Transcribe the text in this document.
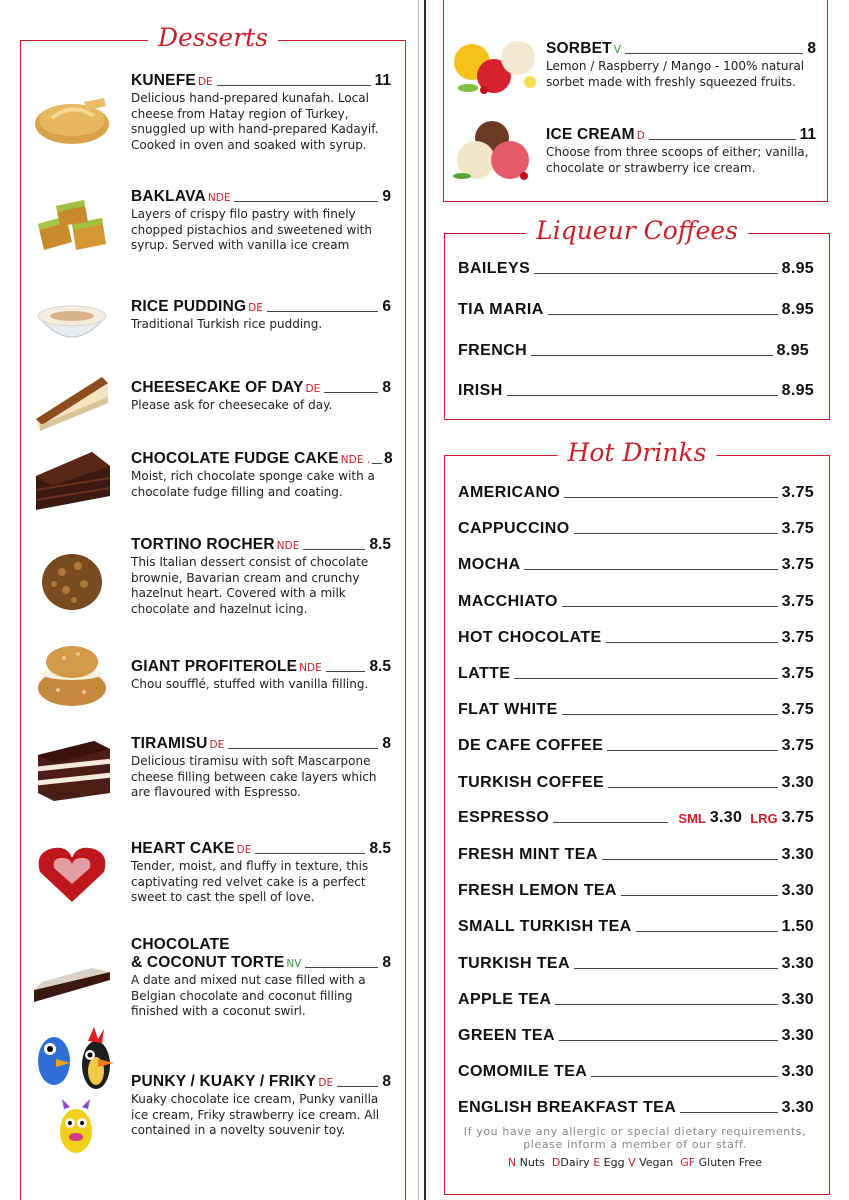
Desserts
KUNEFE DE	11
Delicious hand-prepared kunafah. Local cheese from Hatay region of Turkey, snuggled up with hand-prepared Kadayif. Cooked in oven and soaked with syrup.
BAKLAVA NDE	9
Layers of crispy filo pastry with finely chopped pistachios and sweetened with syrup. Served with vanilla ice cream
RICE PUDDING DE	6
Traditional Turkish rice pudding.
CHEESECAKE OF DAY DE	8
Please ask for cheesecake of day.
CHOCOLATE FUDGE CAKE NDE . 8
Moist, rich chocolate sponge cake with a chocolate fudge filling and coating.
TORTINO ROCHER NDE	8.5
This Italian dessert consist of chocolate brownie, Bavarian cream and crunchy hazelnut heart. Covered with a milk chocolate and hazelnut icing.
GIANT PROFITEROLE NDE	8.5
Chou soufflé, stuffed with vanilla filling.
TIRAMISU DE	8
Delicious tiramisu with soft Mascarpone cheese filling between cake layers which are flavoured with Espresso.
HEART CAKE DE	8.5
Tender, moist, and fluffy in texture, this captivating red velvet cake is a perfect sweet to cast the spell of love.
CHOCOLATE
& COCONUT TORTE NV	8
A date and mixed nut case filled with a Belgian chocolate and coconut filling finished with a coconut swirl.
PUNKY / KUAKY / FRIKY DE	8
Kuaky chocolate ice cream, Punky vanilla ice cream, Friky strawberry ice cream. All contained in a novelty souvenir toy.
SORBET V	8
Lemon / Raspberry / Mango - 100% natural sorbet made with freshly squeezed fruits.
ICE CREAM D	11
Choose from three scoops of either; vanilla, chocolate or strawberry ice cream.
Liqueur Coffees
BAILEYS	8.95
TIA MARIA	8.95
FRENCH	8.95
IRISH	8.95
Hot Drinks
AMERICANO	3.75
CAPPUCCINO	3.75
MOCHA	3.75
MACCHIATO	3.75
HOT CHOCOLATE	3.75
LATTE	3.75
FLAT WHITE	3.75
DE CAFE COFFEE	3.75
TURKISH COFFEE	3.30
FRESH MINT TEA	3.30
FRESH LEMON TEA	3.30
SMALL TURKISH TEA	1.50
TURKISH TEA	3.30
APPLE TEA	3.30
GREEN TEA	3.30
COMOMILE TEA	3.30
ENGLISH BREAKFAST TEA	3.30
ESPRESSO	SML 3.30 LRG 3.75
If you have any allergic or special dietary requirements,
please inform a member of our staff.
N Nuts DDairy E Egg V Vegan GF Gluten Free
